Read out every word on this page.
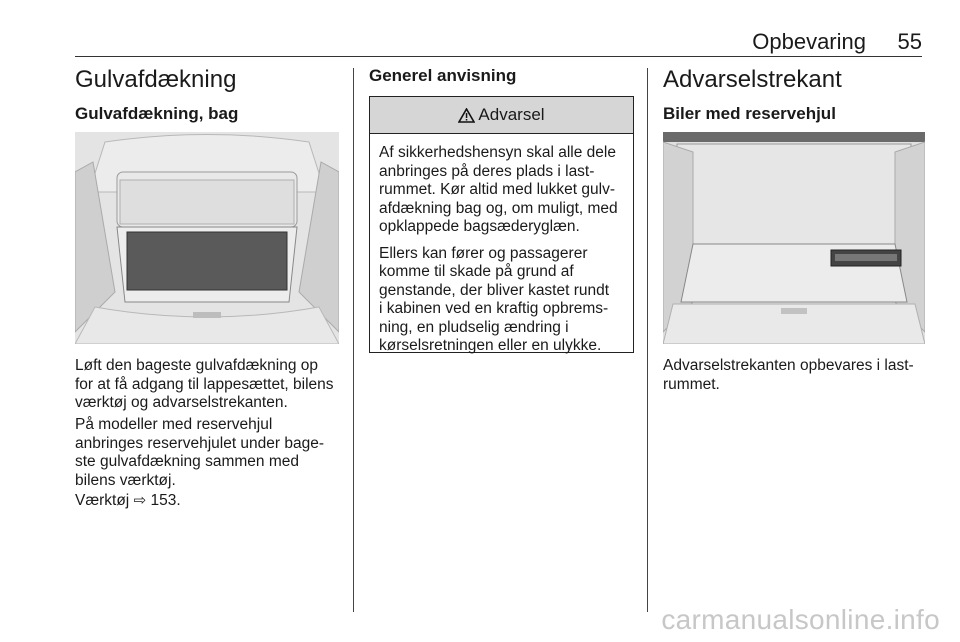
Opbevaring 55
Gulvafdækning
Gulvafdækning, bag
Løft den bageste gulvafdækning op
for at få adgang til lappesættet, bilens
værktøj og advarselstrekanten.
På modeller med reservehjul
anbringes reservehjulet under bage-
ste gulvafdækning sammen med
bilens værktøj.
Værktøj ⇨ 153.
Generel anvisning
Advarsel
Af sikkerhedshensyn skal alle dele
anbringes på deres plads i last-
rummet. Kør altid med lukket gulv-
afdækning bag og, om muligt, med
opklappede bagsæderyglæn.
Ellers kan fører og passagerer
komme til skade på grund af
genstande, der bliver kastet rundt
i kabinen ved en kraftig opbrems-
ning, en pludselig ændring i
kørselsretningen eller en ulykke.
Advarselstrekant
Biler med reservehjul
Advarselstrekanten opbevares i last-
rummet.
carmanualsonline.info
